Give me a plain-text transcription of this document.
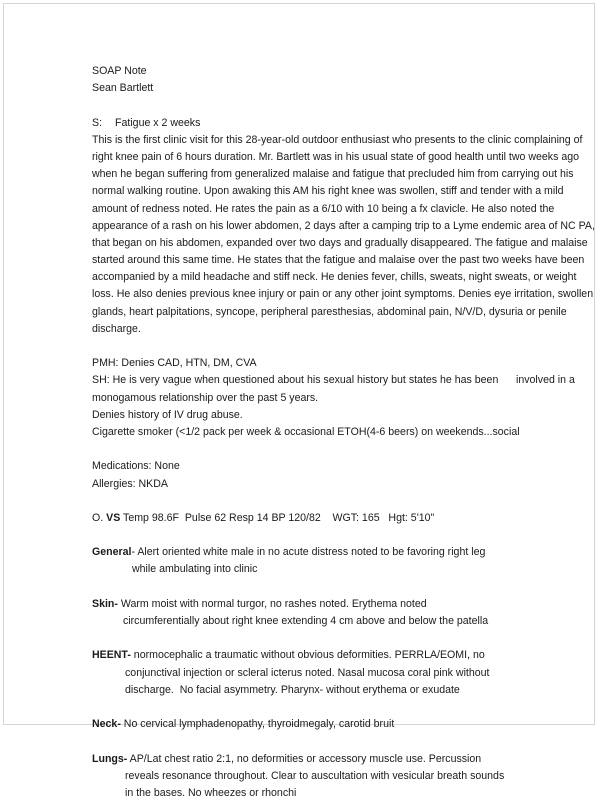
SOAP Note
Sean Bartlett
S: Fatigue x 2 weeks
This is the first clinic visit for this 28-year-old outdoor enthusiast who presents to the clinic complaining of
right knee pain of 6 hours duration. Mr. Bartlett was in his usual state of good health until two weeks ago
when he began suffering from generalized malaise and fatigue that precluded him from carrying out his
normal walking routine. Upon awaking this AM his right knee was swollen, stiff and tender with a mild
amount of redness noted. He rates the pain as a 6/10 with 10 being a fx clavicle. He also noted the
appearance of a rash on his lower abdomen, 2 days after a camping trip to a Lyme endemic area of NC PA,
that began on his abdomen, expanded over two days and gradually disappeared. The fatigue and malaise
started around this same time. He states that the fatigue and malaise over the past two weeks have been
accompanied by a mild headache and stiff neck. He denies fever, chills, sweats, night sweats, or weight
loss. He also denies previous knee injury or pain or any other joint symptoms. Denies eye irritation, swollen
glands, heart palpitations, syncope, peripheral paresthesias, abdominal pain, N/V/D, dysuria or penile
discharge.
PMH: Denies CAD, HTN, DM, CVA
SH: He is very vague when questioned about his sexual history but states he has been      involved in a
monogamous relationship over the past 5 years.
Denies history of IV drug abuse.
Cigarette smoker (<1/2 pack per week & occasional ETOH(4-6 beers) on weekends...social
Medications: None
Allergies: NKDA
O. VS Temp 98.6F  Pulse 62 Resp 14 BP 120/82    WGT: 165   Hgt: 5'10"
General- Alert oriented white male in no acute distress noted to be favoring right leg
while ambulating into clinic
Skin- Warm moist with normal turgor, no rashes noted. Erythema noted
circumferentially about right knee extending 4 cm above and below the patella
HEENT- normocephalic a traumatic without obvious deformities. PERRLA/EOMI, no
conjunctival injection or scleral icterus noted. Nasal mucosa coral pink without
discharge.  No facial asymmetry. Pharynx- without erythema or exudate
Neck- No cervical lymphadenopathy, thyroidmegaly, carotid bruit
Lungs- AP/Lat chest ratio 2:1, no deformities or accessory muscle use. Percussion
reveals resonance throughout. Clear to auscultation with vesicular breath sounds
in the bases. No wheezes or rhonchi
